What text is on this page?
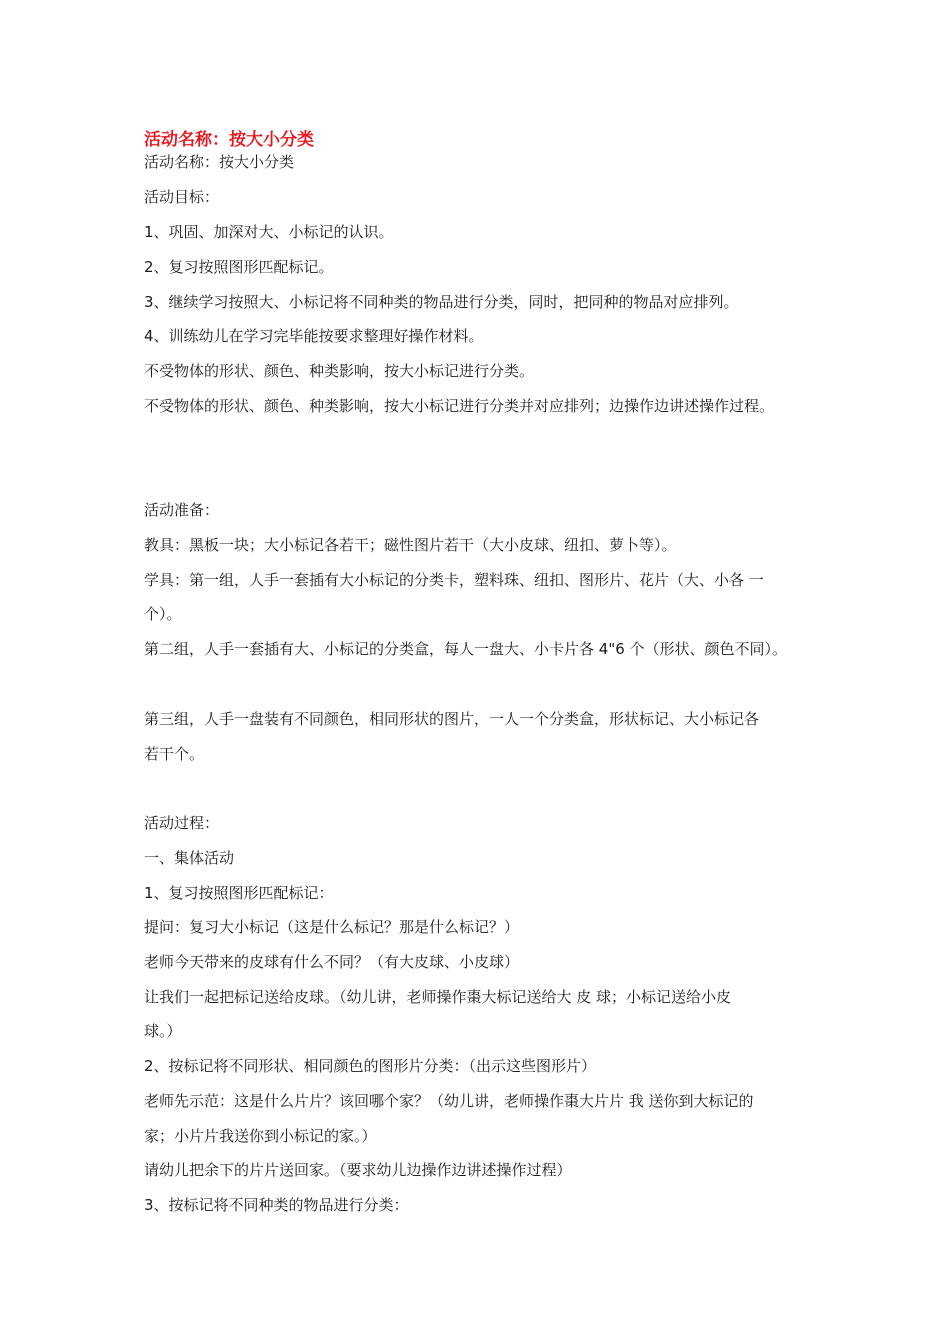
活动名称：按大小分类
活动名称：按大小分类
活动目标：
1、巩固、加深对大、小标记的认识。
2、复习按照图形匹配标记。
3、继续学习按照大、小标记将不同种类的物品进行分类，同时，把同种的物品对应排列。
4、训练幼儿在学习完毕能按要求整理好操作材料。
不受物体的形状、颜色、种类影响，按大小标记进行分类。
不受物体的形状、颜色、种类影响，按大小标记进行分类并对应排列；边操作边讲述操作过程。
活动准备：
教具：黑板一块；大小标记各若干；磁性图片若干（大小皮球、纽扣、萝卜等）。
学具：第一组，人手一套插有大小标记的分类卡，塑料珠、纽扣、图形片、花片（大、小各 一
个）。
第二组，人手一套插有大、小标记的分类盒，每人一盘大、小卡片各 4"6 个（形状、颜色不同）。
第三组，人手一盘装有不同颜色，相同形状的图片，一人一个分类盒，形状标记、大小标记各
若干个。
活动过程：
一、集体活动
1、复习按照图形匹配标记：
提问：复习大小标记（这是什么标记？那是什么标记？）
老师今天带来的皮球有什么不同？（有大皮球、小皮球）
让我们一起把标记送给皮球。（幼儿讲，老师操作棗大标记送给大 皮 球；小标记送给小皮
球。）
2、按标记将不同形状、相同颜色的图形片分类：（出示这些图形片）
老师先示范：这是什么片片？该回哪个家？（幼儿讲，老师操作棗大片片 我 送你到大标记的
家；小片片我送你到小标记的家。）
请幼儿把余下的片片送回家。（要求幼儿边操作边讲述操作过程）
3、按标记将不同种类的物品进行分类：
